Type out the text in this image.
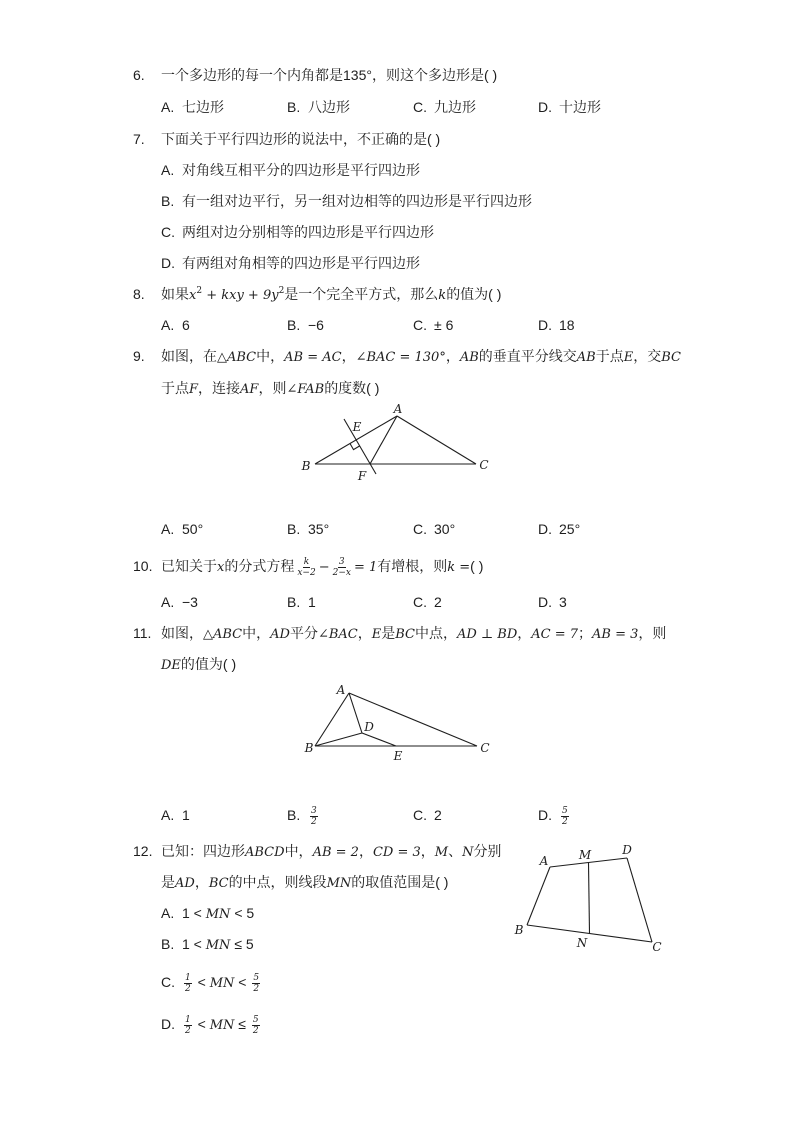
6. 一个多边形的每一个内角都是135°，则这个多边形是( )
A. 七边形	B. 八边形	C. 九边形	D. 十边形
7. 下面关于平行四边形的说法中，不正确的是( )
A. 对角线互相平分的四边形是平行四边形
B. 有一组对边平行，另一组对边相等的四边形是平行四边形
C. 两组对边分别相等的四边形是平行四边形
D. 有两组对角相等的四边形是平行四边形
8. 如果$x^2$ + kxy + $9y^2$是一个完全平方式，那么k的值为( )
A. 6	B. −6	C. ± 6	D. 18
9. 如图，在△ABC中，AB = AC，∠BAC = 130°，AB的垂直平分线交AB于点E，交BC
于点F，连接AF，则∠FAB的度数( )
A
E
B
F
C
A. 50°	B. 35°	C. 30°	D. 25°
10. 已知关于x的分式方程 $\frac{k}{x-2} - \frac{3}{2-x} = 1$有增根，则k =( )
A. −3	B. 1	C. 2	D. 3
11. 如图，△ABC中，AD平分∠BAC，E是BC中点，AD ⊥ BD，AC = 7；AB = 3，则
DE的值为( )
A
D
B
E
C
A. 1	B. $\frac{3}{2}$	C. 2	D. $\frac{5}{2}$
12. 已知：四边形ABCD中，AB = 2，CD = 3，M、N分别
是AD，BC的中点，则线段MN的取值范围是( )
A. 1 < MN < 5
B. 1 < MN ≤ 5
C. $\frac{1}{2}$ < MN < $\frac{5}{2}$
D. $\frac{1}{2}$ < MN ≤ $\frac{5}{2}$
A	M	D
B
N	C
